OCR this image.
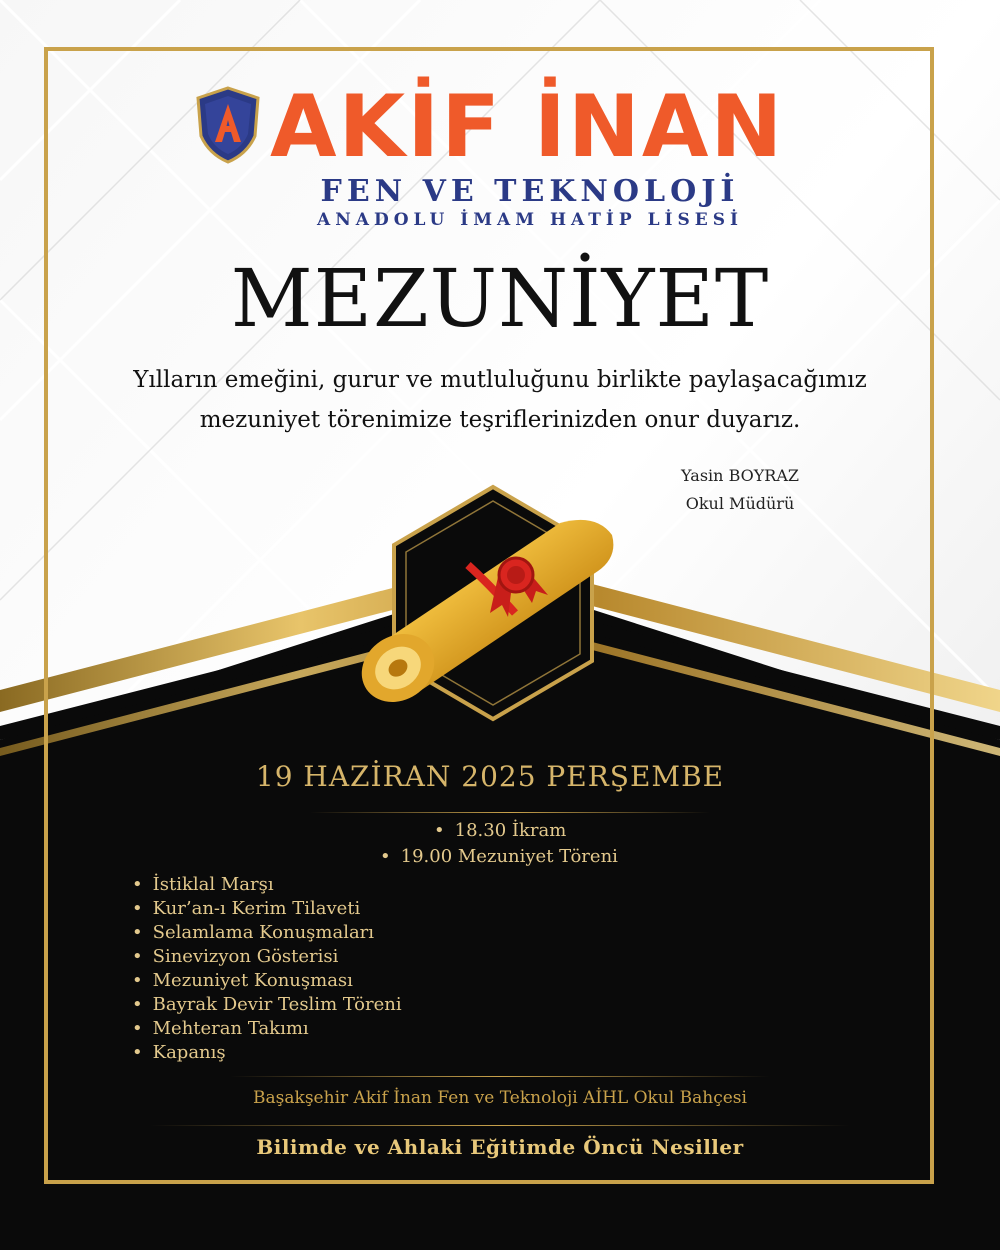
AKİF İNAN
FEN VE TEKNOLOJİ
ANADOLU İMAM HATİP LİSESİ
MEZUNİYET
Yılların emeğini, gurur ve mutluluğunu birlikte paylaşacağımız
mezuniyet törenimize teşriflerinizden onur duyarız.
Yasin BOYRAZ
Okul Müdürü
19 HAZİRAN 2025 PERŞEMBE
• 18.30 İkram
• 19.00 Mezuniyet Töreni
• İstiklal Marşı
• Kur’an-ı Kerim Tilaveti
• Selamlama Konuşmaları
• Sinevizyon Gösterisi
• Mezuniyet Konuşması
• Bayrak Devir Teslim Töreni
• Mehteran Takımı
• Kapanış
Başakşehir Akif İnan Fen ve Teknoloji AİHL Okul Bahçesi
Bilimde ve Ahlaki Eğitimde Öncü Nesiller
